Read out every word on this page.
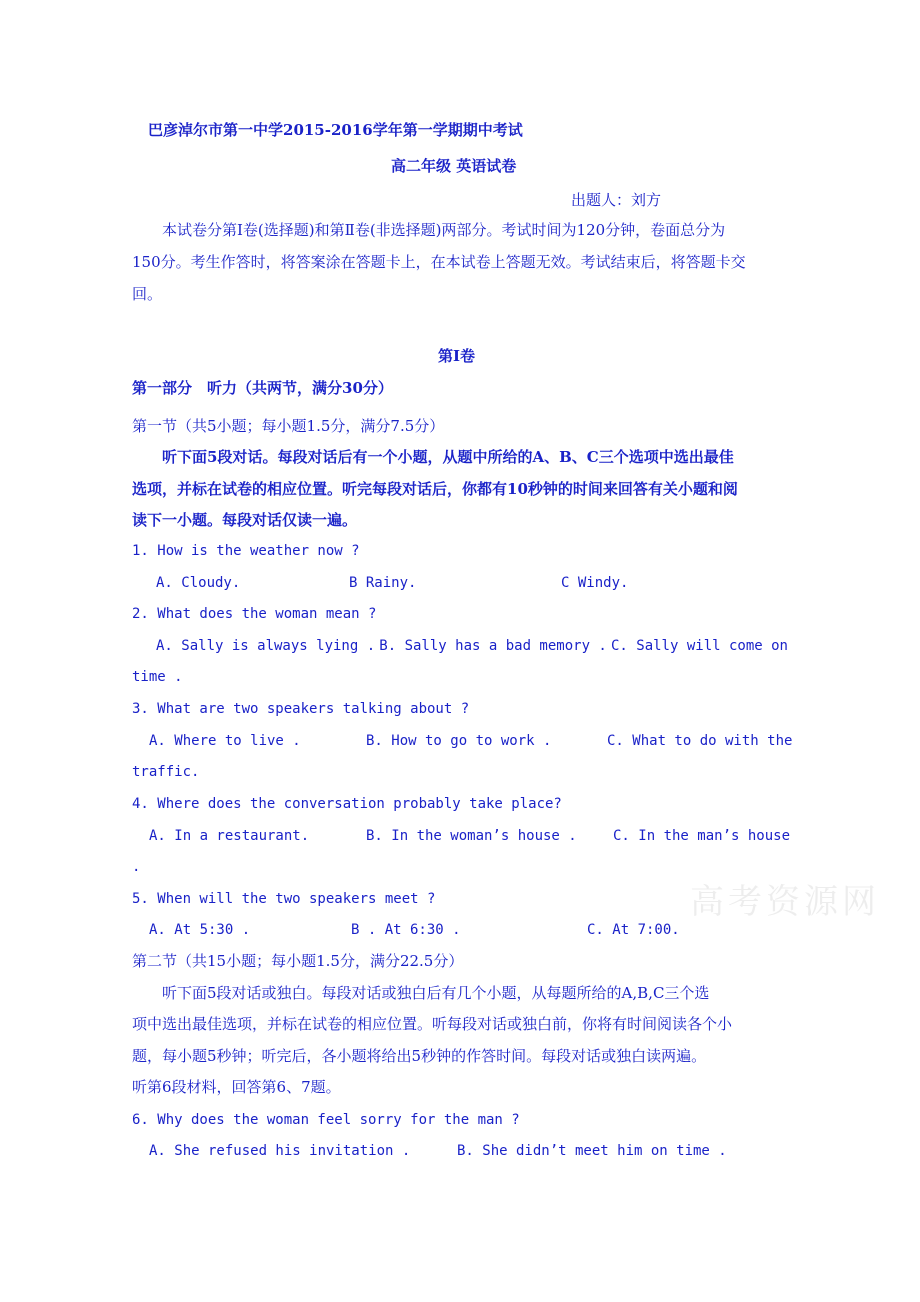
巴彦淖尔市第一中学2015-2016学年第一学期期中考试
高二年级 英语试卷
出题人：刘方
本试卷分第Ⅰ卷(选择题)和第Ⅱ卷(非选择题)两部分。考试时间为120分钟，卷面总分为
150分。考生作答时，将答案涂在答题卡上，在本试卷上答题无效。考试结束后，将答题卡交
回。
第Ⅰ卷
第一部分　听力（共两节，满分30分）
第一节（共5小题；每小题1.5分，满分7.5分）
听下面5段对话。每段对话后有一个小题，从题中所给的A、B、C三个选项中选出最佳
选项，并标在试卷的相应位置。听完每段对话后，你都有10秒钟的时间来回答有关小题和阅
读下一小题。每段对话仅读一遍。
1. How is the weather now ?
A. Cloudy.	B Rainy.	C Windy.
2. What does the woman mean ?
A. Sally is always lying . B. Sally has a bad memory . C. Sally will come on
time .
3. What are two speakers talking about ?
A. Where to live .	B. How to go to work .	C. What to do with the
traffic.
4. Where does the conversation probably take place?
A. In a restaurant.	B. In the woman’s house .	C. In the man’s house
.
高考资源网
5. When will the two speakers meet ?
A. At 5:30 .	B . At 6:30 .	C. At 7:00.
第二节（共15小题；每小题1.5分，满分22.5分）
听下面5段对话或独白。每段对话或独白后有几个小题，从每题所给的A,B,C三个选
项中选出最佳选项，并标在试卷的相应位置。听每段对话或独白前，你将有时间阅读各个小
题，每小题5秒钟；听完后，各小题将给出5秒钟的作答时间。每段对话或独白读两遍。
听第6段材料，回答第6、7题。
6. Why does the woman feel sorry for the man ?
A. She refused his invitation .	B. She didn’t meet him on time .
